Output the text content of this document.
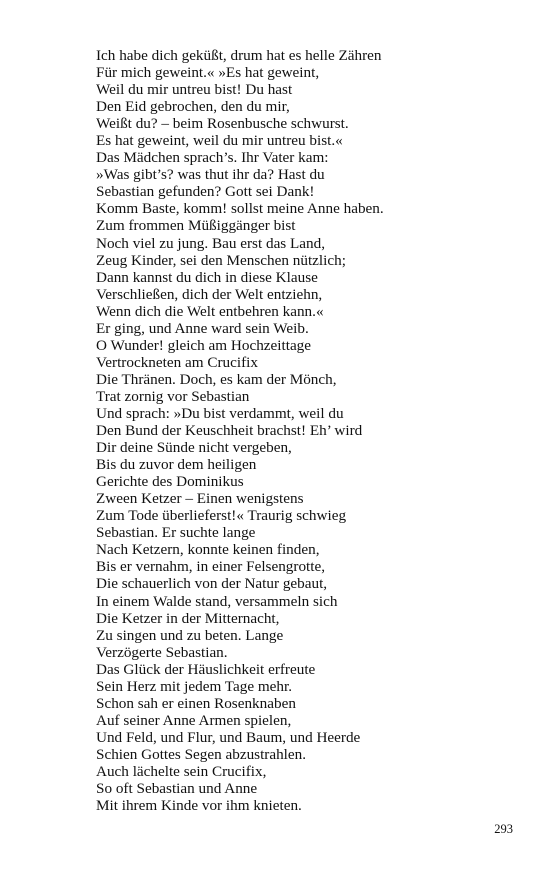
Ich habe dich geküßt, drum hat es helle Zähren
Für mich geweint.« »Es hat geweint,
Weil du mir untreu bist! Du hast
Den Eid gebrochen, den du mir,
Weißt du? – beim Rosenbusche schwurst.
Es hat geweint, weil du mir untreu bist.«
Das Mädchen sprach’s. Ihr Vater kam:
»Was gibt’s? was thut ihr da? Hast du
Sebastian gefunden? Gott sei Dank!
Komm Baste, komm! sollst meine Anne haben.
Zum frommen Müßiggänger bist
Noch viel zu jung. Bau erst das Land,
Zeug Kinder, sei den Menschen nützlich;
Dann kannst du dich in diese Klause
Verschließen, dich der Welt entziehn,
Wenn dich die Welt entbehren kann.«
Er ging, und Anne ward sein Weib.
O Wunder! gleich am Hochzeittage
Vertrockneten am Crucifix
Die Thränen. Doch, es kam der Mönch,
Trat zornig vor Sebastian
Und sprach: »Du bist verdammt, weil du
Den Bund der Keuschheit brachst! Eh’ wird
Dir deine Sünde nicht vergeben,
Bis du zuvor dem heiligen
Gerichte des Dominikus
Zween Ketzer – Einen wenigstens
Zum Tode überlieferst!« Traurig schwieg
Sebastian. Er suchte lange
Nach Ketzern, konnte keinen finden,
Bis er vernahm, in einer Felsengrotte,
Die schauerlich von der Natur gebaut,
In einem Walde stand, versammeln sich
Die Ketzer in der Mitternacht,
Zu singen und zu beten. Lange
Verzögerte Sebastian.
Das Glück der Häuslichkeit erfreute
Sein Herz mit jedem Tage mehr.
Schon sah er einen Rosenknaben
Auf seiner Anne Armen spielen,
Und Feld, und Flur, und Baum, und Heerde
Schien Gottes Segen abzustrahlen.
Auch lächelte sein Crucifix,
So oft Sebastian und Anne
Mit ihrem Kinde vor ihm knieten.
293
